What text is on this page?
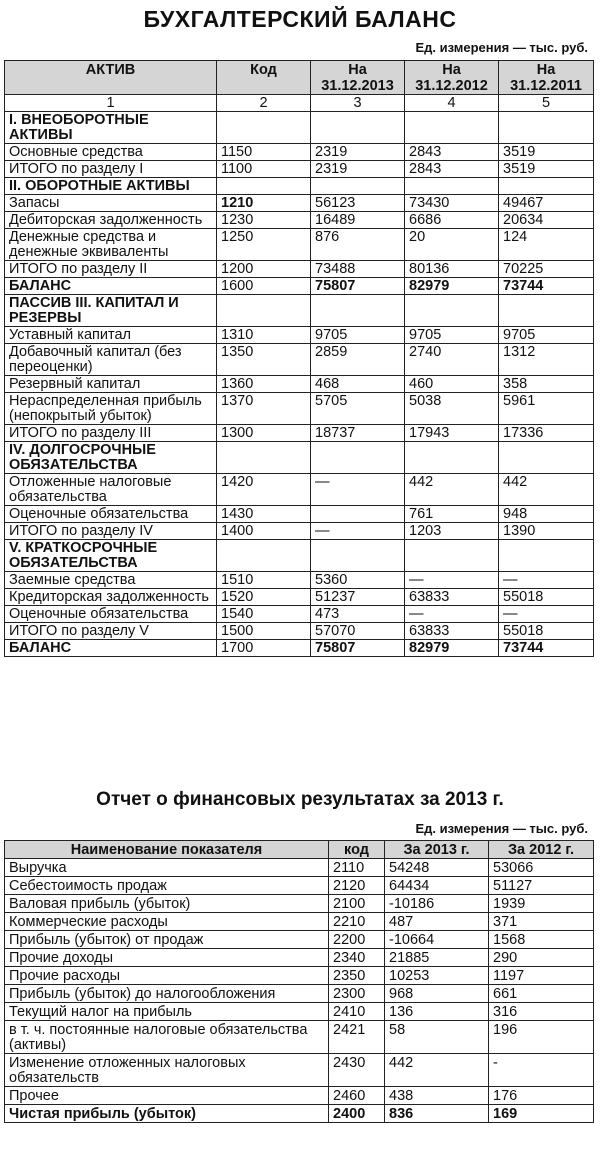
БУХГАЛТЕРСКИЙ БАЛАНС
Ед. измерения — тыс. руб.
АКТИВ	Код	На 31.12.2013	На 31.12.2012	На 31.12.2011
1	2	3	4	5
I. ВНЕОБОРОТНЫЕ АКТИВЫ				
Основные средства	1150	2319	2843	3519
ИТОГО по разделу I	1100	2319	2843	3519
II. ОБОРОТНЫЕ АКТИВЫ				
Запасы	1210	56123	73430	49467
Дебиторская задолженность	1230	16489	6686	20634
Денежные средства и денежные эквиваленты	1250	876	20	124
ИТОГО по разделу II	1200	73488	80136	70225
БАЛАНС	1600	75807	82979	73744
ПАССИВ III. КАПИТАЛ И РЕЗЕРВЫ				
Уставный капитал	1310	9705	9705	9705
Добавочный капитал (без переоценки)	1350	2859	2740	1312
Резервный капитал	1360	468	460	358
Нераспределенная прибыль (непокрытый убыток)	1370	5705	5038	5961
ИТОГО по разделу III	1300	18737	17943	17336
IV. ДОЛГОСРОЧНЫЕ ОБЯЗАТЕЛЬСТВА				
Отложенные налоговые обязательства	1420	—	442	442
Оценочные обязательства	1430		761	948
ИТОГО по разделу IV	1400	—	1203	1390
V. КРАТКОСРОЧНЫЕ ОБЯЗАТЕЛЬСТВА				
Заемные средства	1510	5360	—	—
Кредиторская задолженность	1520	51237	63833	55018
Оценочные обязательства	1540	473	—	—
ИТОГО по разделу V	1500	57070	63833	55018
БАЛАНС	1700	75807	82979	73744
Отчет о финансовых результатах за 2013 г.
Ед. измерения — тыс. руб.
Наименование показателя	код	За 2013 г.	За 2012 г.
Выручка	2110	54248	53066
Себестоимость продаж	2120	64434	51127
Валовая прибыль (убыток)	2100	-10186	1939
Коммерческие расходы	2210	487	371
Прибыль (убыток) от продаж	2200	-10664	1568
Прочие доходы	2340	21885	290
Прочие расходы	2350	10253	1197
Прибыль (убыток) до налогообложения	2300	968	661
Текущий налог на прибыль	2410	136	316
в т. ч. постоянные налоговые обязательства (активы)	2421	58	196
Изменение отложенных налоговых обязательств	2430	442	-
Прочее	2460	438	176
Чистая прибыль (убыток)	2400	836	169
